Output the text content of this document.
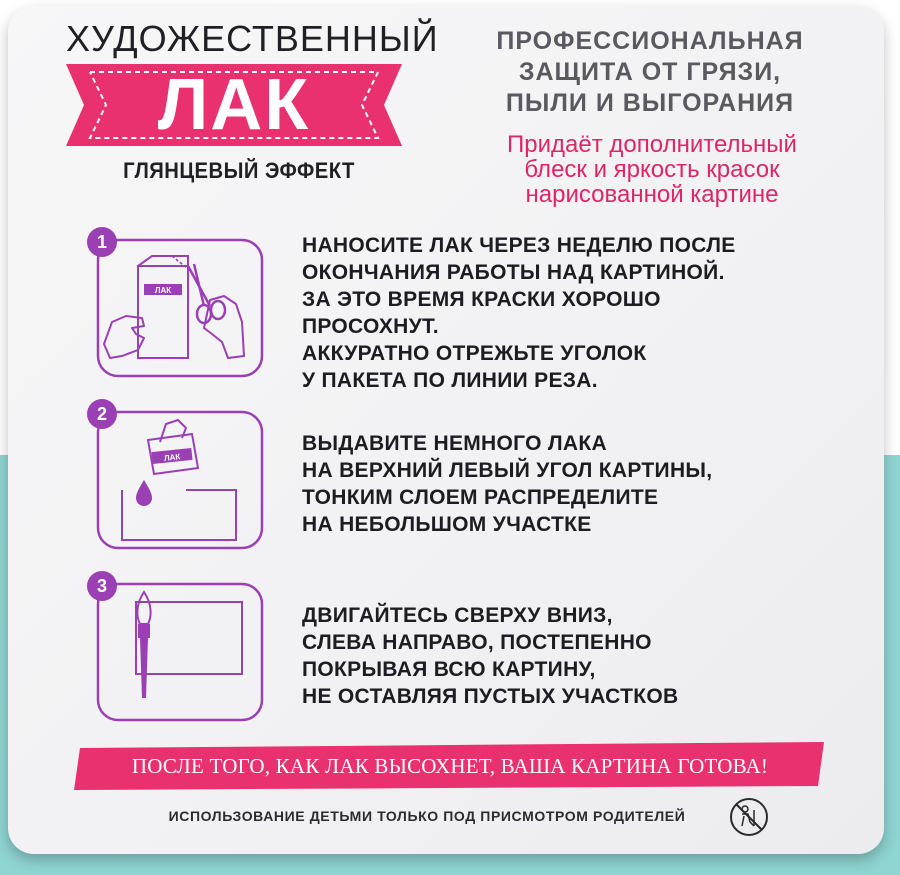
ХУДОЖЕСТВЕННЫЙ
ЛАК
ГЛЯНЦЕВЫЙ ЭФФЕКТ
ПРОФЕССИОНАЛЬНАЯ
ЗАЩИТА ОТ ГРЯЗИ,
ПЫЛИ И ВЫГОРАНИЯ
Придаёт дополнительный
блеск и яркость красок
нарисованной картине
1
ЛАК
НАНОСИТЕ ЛАК ЧЕРЕЗ НЕДЕЛЮ ПОСЛЕ
ОКОНЧАНИЯ РАБОТЫ НАД КАРТИНОЙ.
ЗА ЭТО ВРЕМЯ КРАСКИ ХОРОШО
ПРОСОХНУТ.
АККУРАТНО ОТРЕЖЬТЕ УГОЛОК
У ПАКЕТА ПО ЛИНИИ РЕЗА.
2
ЛАК
ВЫДАВИТЕ НЕМНОГО ЛАКА
НА ВЕРХНИЙ ЛЕВЫЙ УГОЛ КАРТИНЫ,
ТОНКИМ СЛОЕМ РАСПРЕДЕЛИТЕ
НА НЕБОЛЬШОМ УЧАСТКЕ
3
ДВИГАЙТЕСЬ СВЕРХУ ВНИЗ,
СЛЕВА НАПРАВО, ПОСТЕПЕННО
ПОКРЫВАЯ ВСЮ КАРТИНУ,
НЕ ОСТАВЛЯЯ ПУСТЫХ УЧАСТКОВ
ПОСЛЕ ТОГО, КАК ЛАК ВЫСОХНЕТ, ВАША КАРТИНА ГОТОВА!
ИСПОЛЬЗОВАНИЕ ДЕТЬМИ ТОЛЬКО ПОД ПРИСМОТРОМ РОДИТЕЛЕЙ
